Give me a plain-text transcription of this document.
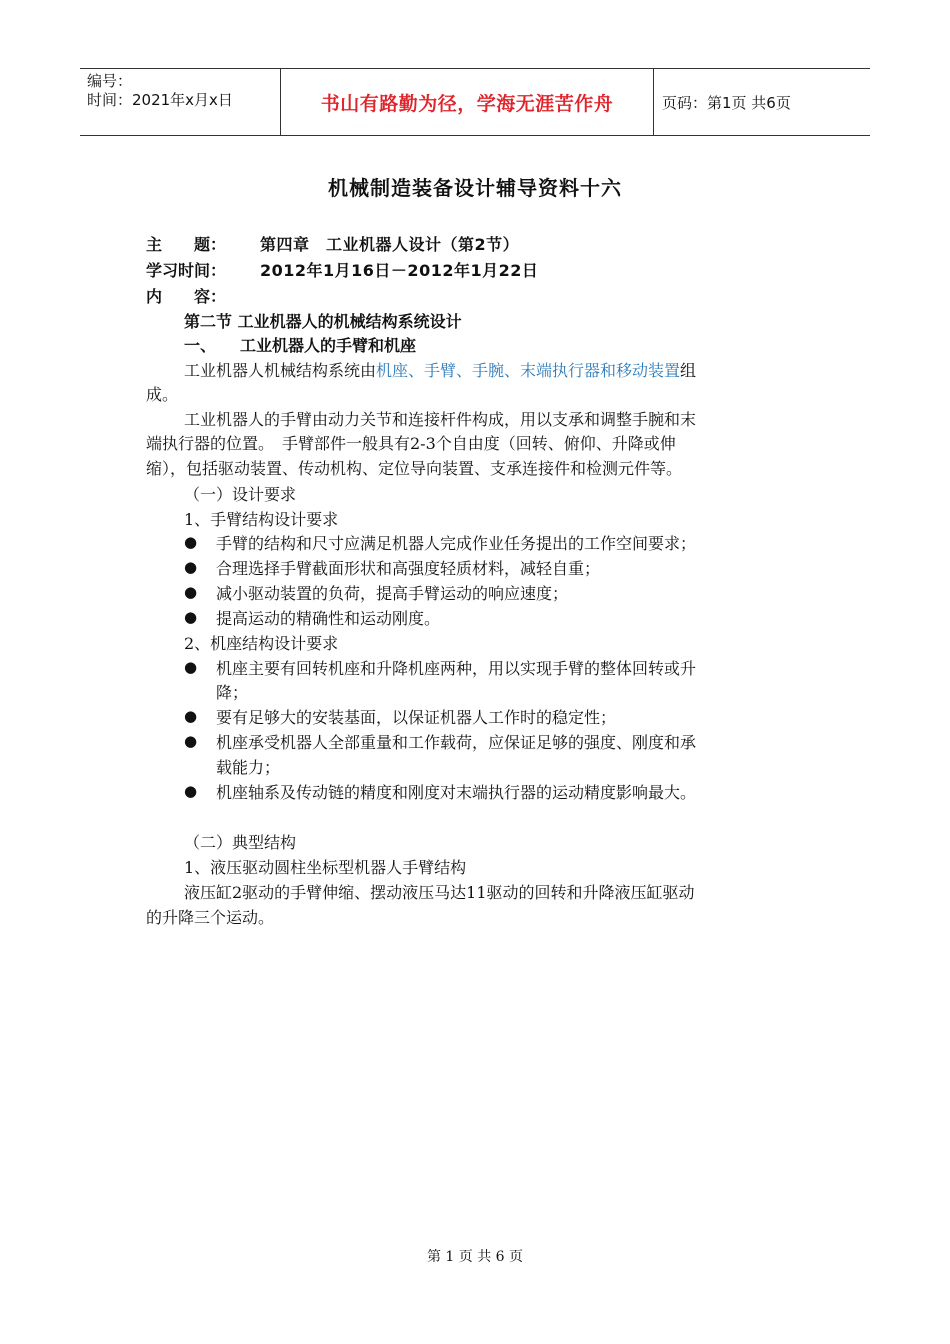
编号：
时间：2021年x月x日	书山有路勤为径，学海无涯苦作舟	页码：第1页 共6页
机械制造装备设计辅导资料十六
主　　题： 第四章　工业机器人设计（第2节）
学习时间： 2012年1月16日－2012年1月22日
内　　容：
第二节 工业机器人的机械结构系统设计
一、　　工业机器人的手臂和机座
工业机器人机械结构系统由机座、手臂、手腕、末端执行器和移动装置组
成。
工业机器人的手臂由动力关节和连接杆件构成，用以支承和调整手腕和末
端执行器的位置。　手臂部件一般具有2-3个自由度（回转、俯仰、升降或伸
缩），包括驱动装置、传动机构、定位导向装置、支承连接件和检测元件等。
（一）设计要求
1、手臂结构设计要求
● 手臂的结构和尺寸应满足机器人完成作业任务提出的工作空间要求；
● 合理选择手臂截面形状和高强度轻质材料，减轻自重；
● 减小驱动装置的负荷，提高手臂运动的响应速度；
● 提高运动的精确性和运动刚度。
2、机座结构设计要求
● 机座主要有回转机座和升降机座两种，用以实现手臂的整体回转或升
降；
● 要有足够大的安装基面，以保证机器人工作时的稳定性；
● 机座承受机器人全部重量和工作载荷，应保证足够的强度、刚度和承
载能力；
● 机座轴系及传动链的精度和刚度对末端执行器的运动精度影响最大。
（二）典型结构
1、液压驱动圆柱坐标型机器人手臂结构
液压缸2驱动的手臂伸缩、摆动液压马达11驱动的回转和升降液压缸驱动
的升降三个运动。
第 1 页 共 6 页
